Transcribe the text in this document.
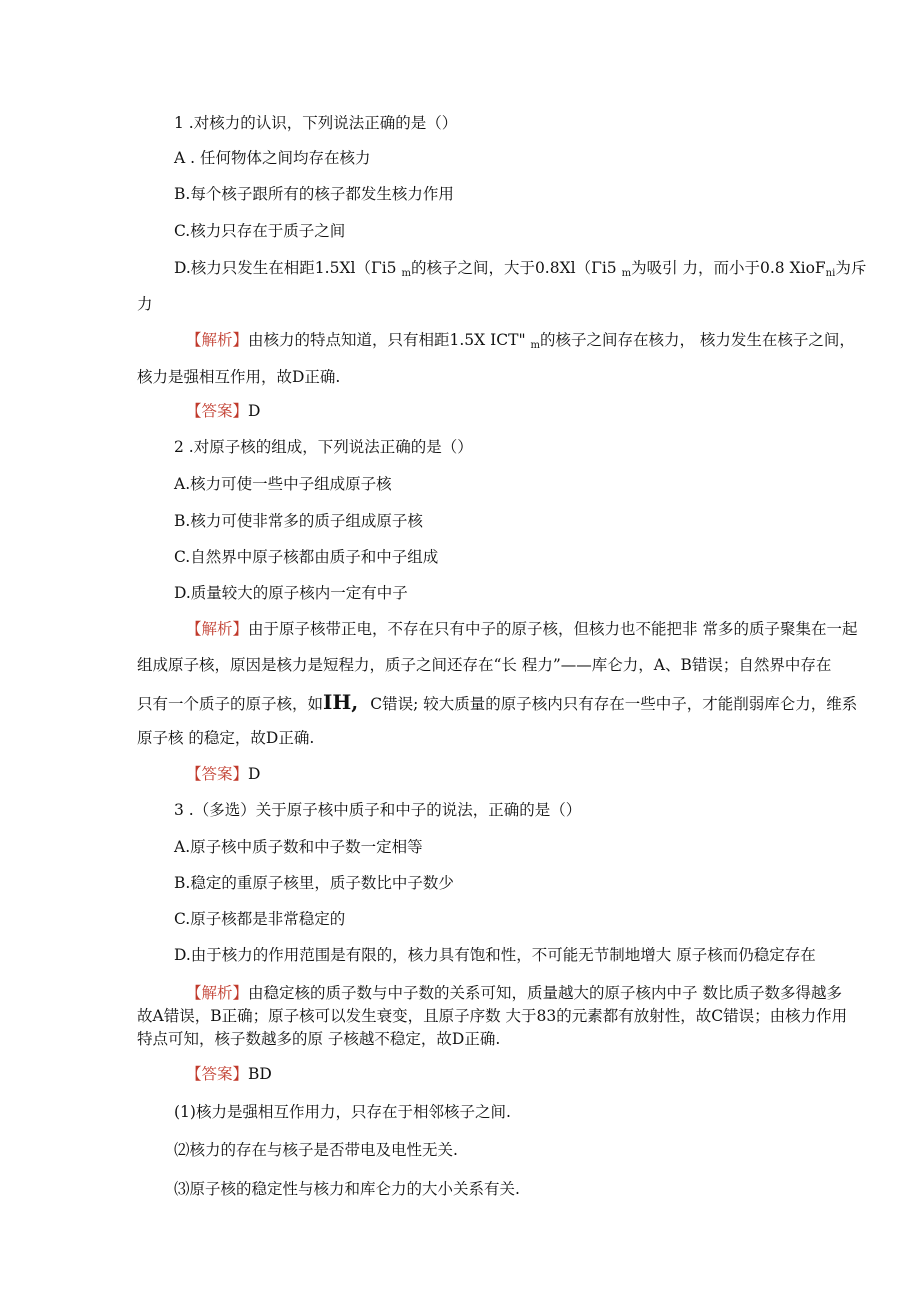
1 .对核力的认识，下列说法正确的是（）
A . 任何物体之间均存在核力
B.每个核子跟所有的核子都发生核力作用
C.核力只存在于质子之间
D.核力只发生在相距1.5Xl（Γi5 $_m$的核子之间，大于0.8Xl（Γi5 $_m$为吸引 力，而小于0.8 XioF$_{ni}$为斥
力
【解析】由核力的特点知道，只有相距1.5X ICT" $_m$的核子之间存在核力， 核力发生在核子之间，
核力是强相互作用，故D正确.
【答案】D
2 .对原子核的组成，下列说法正确的是（）
A.核力可使一些中子组成原子核
B.核力可使非常多的质子组成原子核
C.自然界中原子核都由质子和中子组成
D.质量较大的原子核内一定有中子
【解析】由于原子核带正电，不存在只有中子的原子核，但核力也不能把非 常多的质子聚集在一起
组成原子核，原因是核力是短程力，质子之间还存在“长 程力”——库仑力，A、B错误；自然界中存在
只有一个质子的原子核，如IH, C错误; 较大质量的原子核内只有存在一些中子，才能削弱库仑力，维系
原子核 的稳定，故D正确.
【答案】D
3 .（多选）关于原子核中质子和中子的说法，正确的是（）
A.原子核中质子数和中子数一定相等
B.稳定的重原子核里，质子数比中子数少
C.原子核都是非常稳定的
D.由于核力的作用范围是有限的，核力具有饱和性，不可能无节制地增大 原子核而仍稳定存在
【解析】由稳定核的质子数与中子数的关系可知，质量越大的原子核内中子 数比质子数多得越多
故A错误，B正确；原子核可以发生衰变，且原子序数 大于83的元素都有放射性，故C错误；由核力作用
特点可知，核子数越多的原 子核越不稳定，故D正确.
【答案】BD
(1)核力是强相互作用力，只存在于相邻核子之间.
⑵核力的存在与核子是否带电及电性无关.
⑶原子核的稳定性与核力和库仑力的大小关系有关.
